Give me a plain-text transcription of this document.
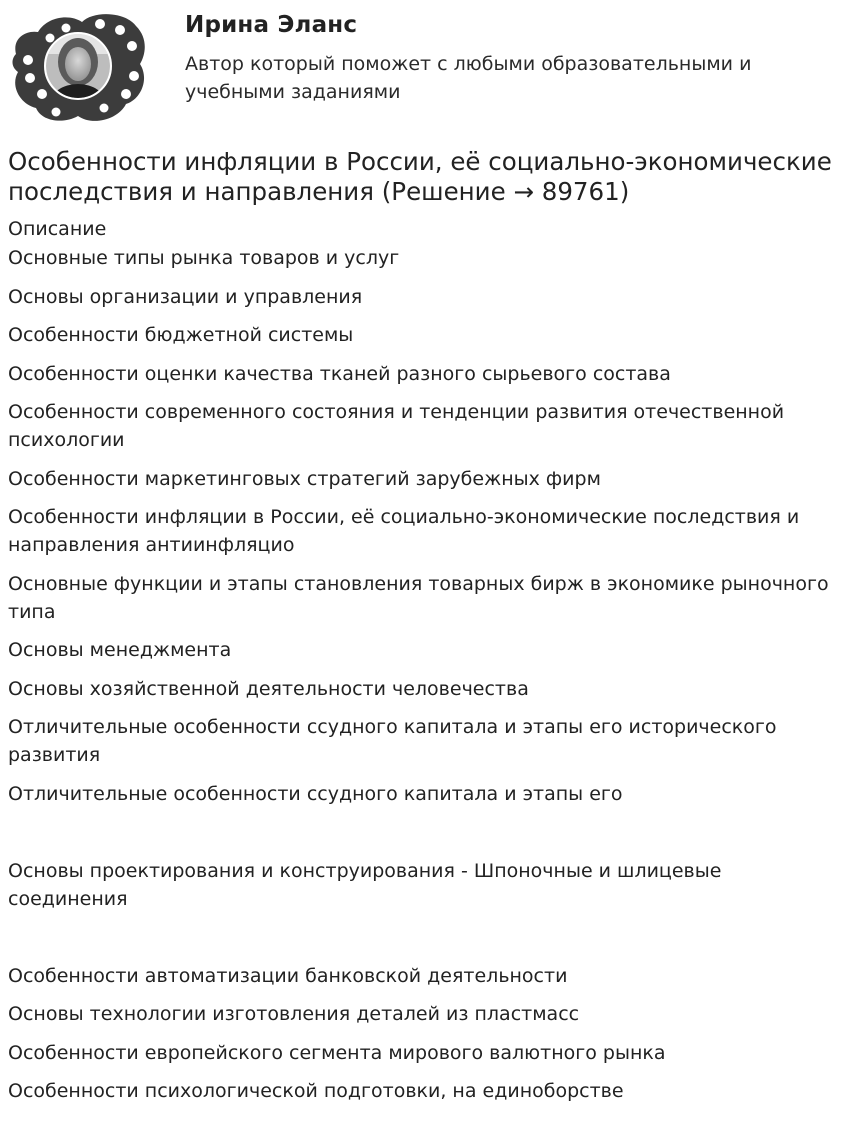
Ирина Эланс
Автор который поможет с любыми образовательными и учебными заданиями
Особенности инфляции в России, её социально-экономические последствия и направления (Решение → 89761)
Описание
Основные типы рынка товаров и услуг
Основы организации и управления
Особенности бюджетной системы
Особенности оценки качества тканей разного сырьевого состава
Особенности современного состояния и тенденции развития отечественной психологии
Особенности маркетинговых стратегий зарубежных фирм
Особенности инфляции в России, её социально-экономические последствия и направления антиинфляцио
Основные функции и этапы становления товарных бирж в экономике рыночного типа
Основы менеджмента
Основы хозяйственной деятельности человечества
Отличительные особенности ссудного капитала и этапы его исторического развития
Отличительные особенности ссудного капитала и этапы его
Основы проектирования и конструирования - Шпоночные и шлицевые соединения
Особенности автоматизации банковской деятельности
Основы технологии изготовления деталей из пластмасс
Особенности европейского сегмента мирового валютного рынка
Особенности психологической подготовки, на единоборстве
